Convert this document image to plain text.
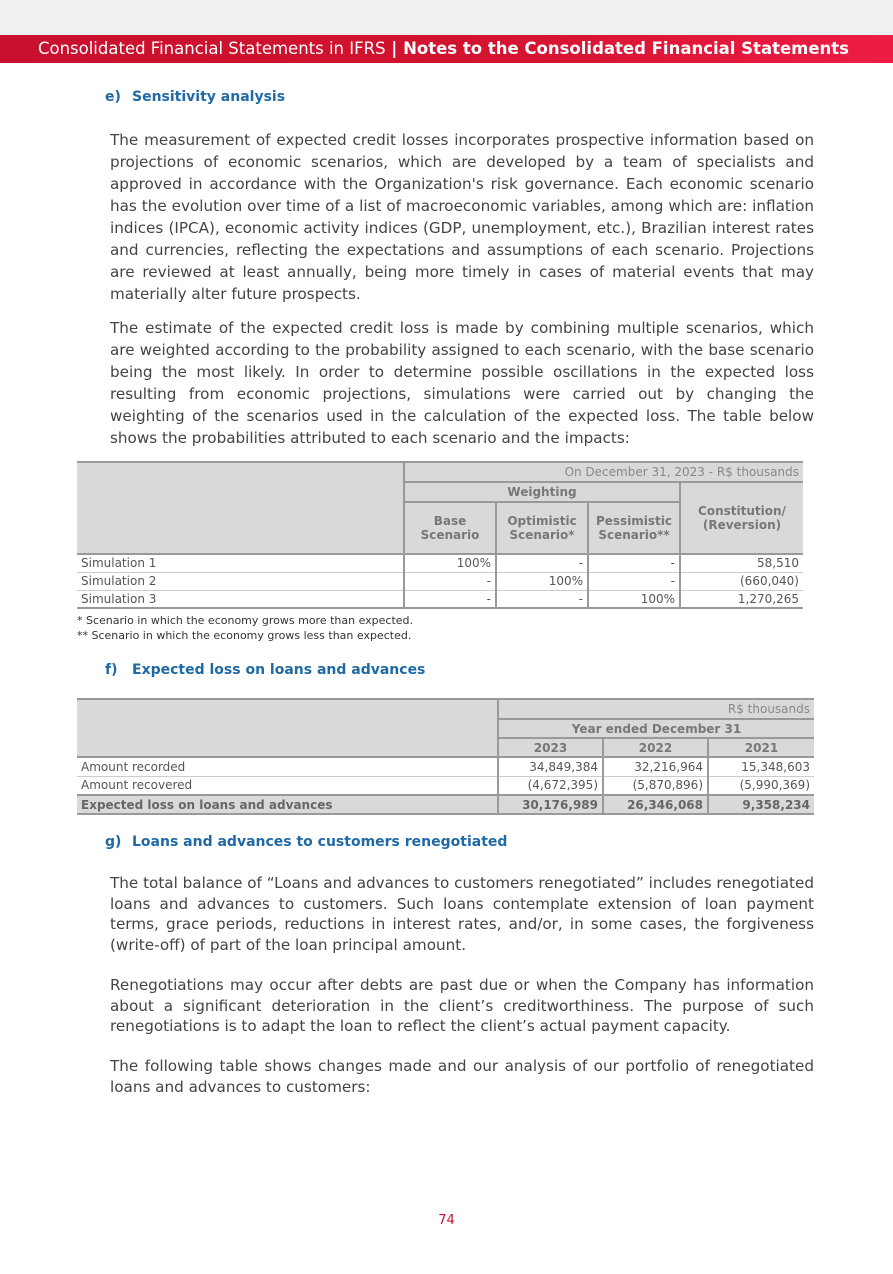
Consolidated Financial Statements in IFRS | Notes to the Consolidated Financial Statements
e) Sensitivity analysis
The measurement of expected credit losses incorporates prospective information based on projections of economic scenarios, which are developed by a team of specialists and approved in accordance with the Organization's risk governance. Each economic scenario has the evolution over time of a list of macroeconomic variables, among which are: inflation indices (IPCA), economic activity indices (GDP, unemployment, etc.), Brazilian interest rates and currencies, reflecting the expectations and assumptions of each scenario. Projections are reviewed at least annually, being more timely in cases of material events that may materially alter future prospects.
The estimate of the expected credit loss is made by combining multiple scenarios, which are weighted according to the probability assigned to each scenario, with the base scenario being the most likely. In order to determine possible oscillations in the expected loss resulting from economic projections, simulations were carried out by changing the weighting of the scenarios used in the calculation of the expected loss. The table below shows the probabilities attributed to each scenario and the impacts:
	On December 31, 2023 - R$ thousands			
	Weighting			Constitution/ (Reversion)
	Base Scenario	Optimistic Scenario*	Pessimistic Scenario**	
Simulation 1	100%	-	-	58,510
Simulation 2	-	100%	-	(660,040)
Simulation 3	-	-	100%	1,270,265
* Scenario in which the economy grows more than expected.
** Scenario in which the economy grows less than expected.
f) Expected loss on loans and advances
	R$ thousands		
	Year ended December 31		
	2023	2022	2021
Amount recorded	34,849,384	32,216,964	15,348,603
Amount recovered	(4,672,395)	(5,870,896)	(5,990,369)
Expected loss on loans and advances	30,176,989	26,346,068	9,358,234
g) Loans and advances to customers renegotiated
The total balance of “Loans and advances to customers renegotiated” includes renegotiated loans and advances to customers. Such loans contemplate extension of loan payment terms, grace periods, reductions in interest rates, and/or, in some cases, the forgiveness (write-off) of part of the loan principal amount.
Renegotiations may occur after debts are past due or when the Company has information about a significant deterioration in the client’s creditworthiness. The purpose of such renegotiations is to adapt the loan to reflect the client’s actual payment capacity.
The following table shows changes made and our analysis of our portfolio of renegotiated loans and advances to customers:
74
